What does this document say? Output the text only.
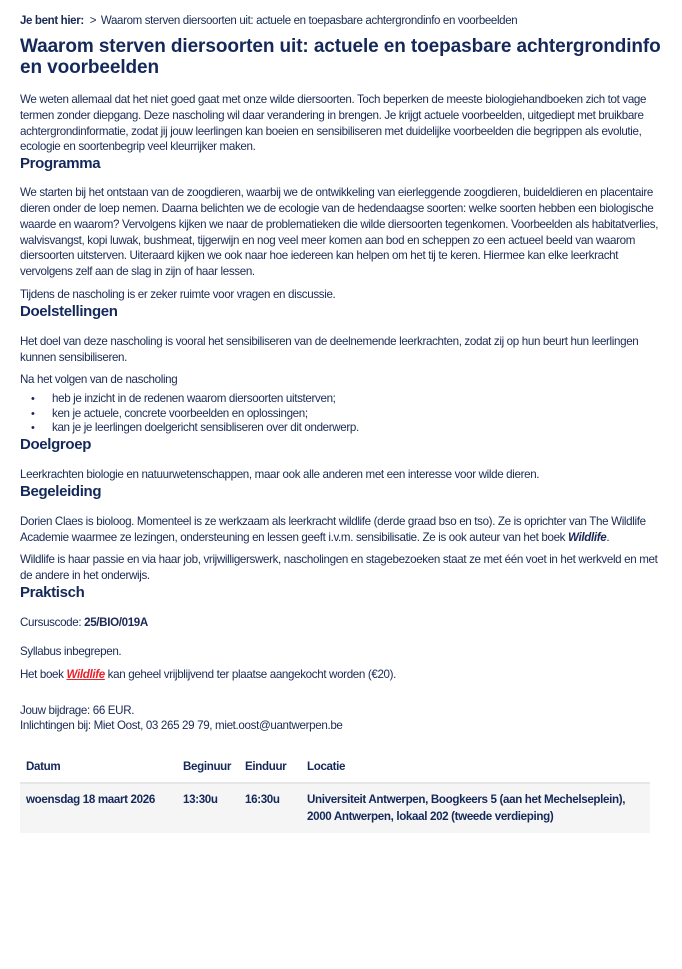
Je bent hier: > Waarom sterven diersoorten uit: actuele en toepasbare achtergrondinfo en voorbeelden
Waarom sterven diersoorten uit: actuele en toepasbare achtergrondinfo en voorbeelden

We weten allemaal dat het niet goed gaat met onze wilde diersoorten. Toch beperken de meeste biologiehandboeken zich tot vage termen zonder diepgang. Deze nascholing wil daar verandering in brengen. Je krijgt actuele voorbeelden, uitgediept met bruikbare achtergrondinformatie, zodat jij jouw leerlingen kan boeien en sensibiliseren met duidelijke voorbeelden die begrippen als evolutie, ecologie en soortenbegrip veel kleurrijker maken.

Programma

We starten bij het ontstaan van de zoogdieren, waarbij we de ontwikkeling van eierleggende zoogdieren, buideldieren en placentaire dieren onder de loep nemen. Daarna belichten we de ecologie van de hedendaagse soorten: welke soorten hebben een biologische waarde en waarom? Vervolgens kijken we naar de problematieken die wilde diersoorten tegenkomen. Voorbeelden als habitatverlies, walvisvangst, kopi luwak, bushmeat, tijgerwijn en nog veel meer komen aan bod en scheppen zo een actueel beeld van waarom diersoorten uitsterven. Uiteraard kijken we ook naar hoe iedereen kan helpen om het tij te keren. Hiermee kan elke leerkracht vervolgens zelf aan de slag in zijn of haar lessen.

Tijdens de nascholing is er zeker ruimte voor vragen en discussie.

Doelstellingen

Het doel van deze nascholing is vooral het sensibiliseren van de deelnemende leerkrachten, zodat zij op hun beurt hun leerlingen kunnen sensibiliseren.

Na het volgen van de nascholing

• heb je inzicht in de redenen waarom diersoorten uitsterven;
• ken je actuele, concrete voorbeelden en oplossingen;
• kan je je leerlingen doelgericht sensibliseren over dit onderwerp.
Doelgroep

Leerkrachten biologie en natuurwetenschappen, maar ook alle anderen met een interesse voor wilde dieren.

Begeleiding

Dorien Claes is bioloog. Momenteel is ze werkzaam als leerkracht wildlife (derde graad bso en tso). Ze is oprichter van The Wildlife Academie waarmee ze lezingen, ondersteuning en lessen geeft i.v.m. sensibilisatie. Ze is ook auteur van het boek Wildlife.

Wildlife is haar passie en via haar job, vrijwilligerswerk, nascholingen en stagebezoeken staat ze met één voet in het werkveld en met de andere in het onderwijs.

Praktisch

Cursuscode: 25/BIO/019A

Syllabus inbegrepen.

Het boek Wildlife kan geheel vrijblijvend ter plaatse aangekocht worden (€20).

Jouw bijdrage: 66 EUR.

Inlichtingen bij: Miet Oost, 03 265 29 79, miet.oost@uantwerpen.be

Datum	Beginuur	Einduur	Locatie
woensdag 18 maart 2026	13:30u	16:30u	Universiteit Antwerpen, Boogkeers 5 (aan het Mechelseplein),
2000 Antwerpen, lokaal 202 (tweede verdieping)
